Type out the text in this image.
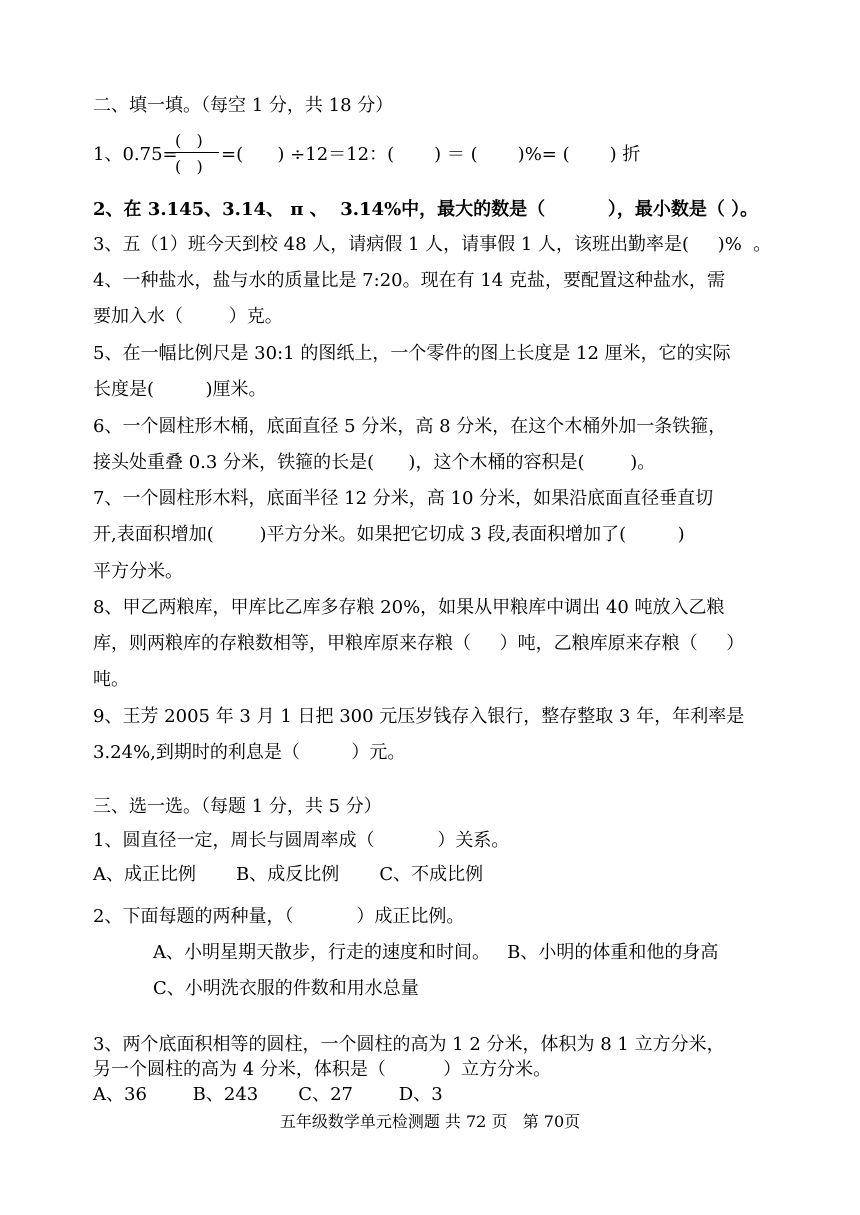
二、填一填。（每空 1 分，共 18 分）
1、0.75=
(   )
(   )
=(      ) ÷12＝12：(       ) ＝ (       )%= (       ) 折
2、在 3.145、3.14、 π 、  3.14%中，最大的数是（          ），最小数是（ ）。
3、五（1）班今天到校 48 人，请病假 1 人，请事假 1 人，该班出勤率是(     )%  。
4、一种盐水，盐与水的质量比是 7:20。现在有 14 克盐，要配置这种盐水，需
要加入水（        ）克。
5、在一幅比例尺是 30:1 的图纸上，一个零件的图上长度是 12 厘米，它的实际
长度是(         )厘米。
6、一个圆柱形木桶，底面直径 5 分米，高 8 分米，在这个木桶外加一条铁箍，
接头处重叠 0.3 分米，铁箍的长是(      )，这个木桶的容积是(        )。
7、一个圆柱形木料，底面半径 12 分米，高 10 分米，如果沿底面直径垂直切
开,表面积增加(        )平方分米。如果把它切成 3 段,表面积增加了(         )
平方分米。
8、甲乙两粮库，甲库比乙库多存粮 20%，如果从甲粮库中调出 40 吨放入乙粮
库，则两粮库的存粮数相等，甲粮库原来存粮（     ）吨，乙粮库原来存粮（     ）
吨。
9、王芳 2005 年 3 月 1 日把 300 元压岁钱存入银行，整存整取 3 年，年利率是
3.24%,到期时的利息是（         ）元。
三、选一选。（每题 1 分，共 5 分）
1、圆直径一定，周长与圆周率成（           ）关系。
A、成正比例       B、成反比例       C、不成比例
2、下面每题的两种量，（           ）成正比例。
A、小明星期天散步，行走的速度和时间。   B、小明的体重和他的身高
C、小明洗衣服的件数和用水总量
3、两个底面积相等的圆柱，一个圆柱的高为 1 2 分米，体积为 8 1 立方分米，
另一个圆柱的高为 4 分米，体积是（          ）立方分米。
A、36        B、243       C、27        D、3
五年级数学单元检测题 共 72 页   第 70页
